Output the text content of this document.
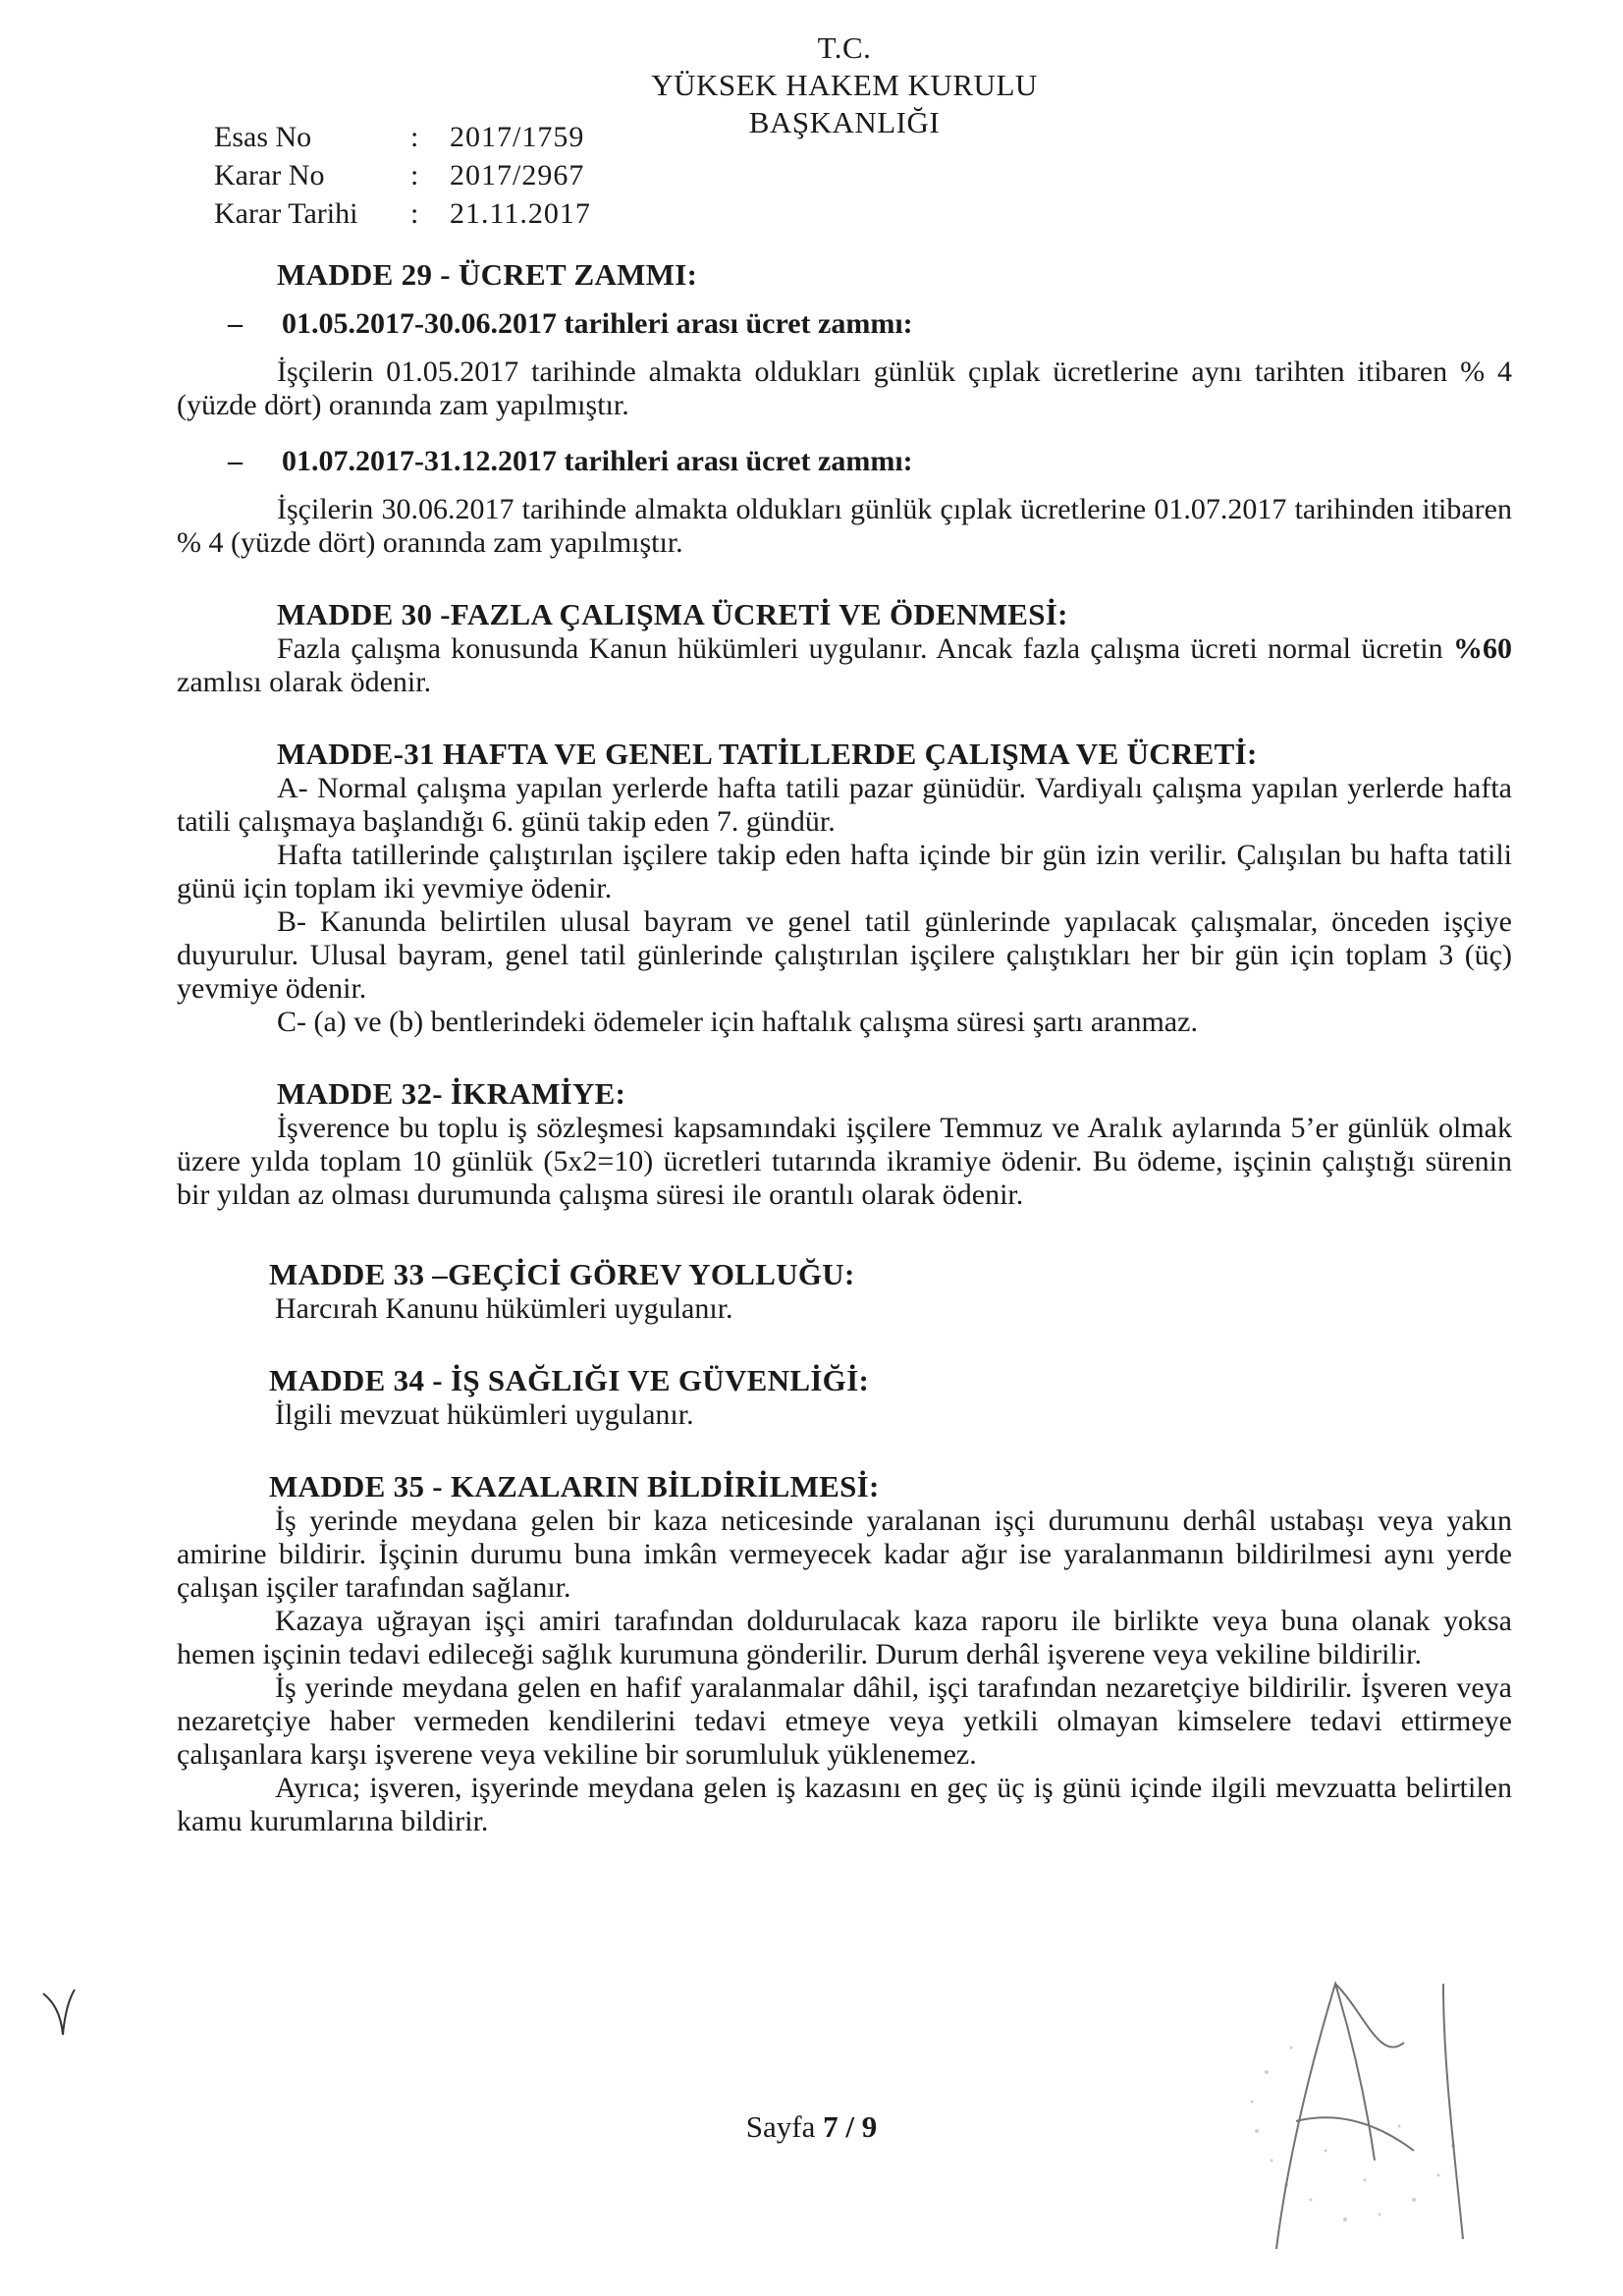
T.C.
YÜKSEK HAKEM KURULU
BAŞKANLIĞI
Esas No	:	2017/1759
Karar No	:	2017/2967
Karar Tarihi	:	21.11.2017
MADDE 29 - ÜCRET ZAMMI:
–	01.05.2017-30.06.2017 tarihleri arası ücret zammı:

İşçilerin 01.05.2017 tarihinde almakta oldukları günlük çıplak ücretlerine aynı tarihten itibaren % 4 (yüzde dört) oranında zam yapılmıştır.

–	01.07.2017-31.12.2017 tarihleri arası ücret zammı:

İşçilerin 30.06.2017 tarihinde almakta oldukları günlük çıplak ücretlerine 01.07.2017 tarihinden itibaren % 4 (yüzde dört) oranında zam yapılmıştır.

MADDE 30 -FAZLA ÇALIŞMA ÜCRETİ VE ÖDENMESİ:

Fazla çalışma konusunda Kanun hükümleri uygulanır. Ancak fazla çalışma ücreti normal ücretin %60 zamlısı olarak ödenir.

MADDE-31 HAFTA VE GENEL TATİLLERDE ÇALIŞMA VE ÜCRETİ:

A- Normal çalışma yapılan yerlerde hafta tatili pazar günüdür. Vardiyalı çalışma yapılan yerlerde hafta tatili çalışmaya başlandığı 6. günü takip eden 7. gündür.

Hafta tatillerinde çalıştırılan işçilere takip eden hafta içinde bir gün izin verilir. Çalışılan bu hafta tatili günü için toplam iki yevmiye ödenir.

B- Kanunda belirtilen ulusal bayram ve genel tatil günlerinde yapılacak çalışmalar, önceden işçiye duyurulur. Ulusal bayram, genel tatil günlerinde çalıştırılan işçilere çalıştıkları her bir gün için toplam 3 (üç) yevmiye ödenir.

C- (a) ve (b) bentlerindeki ödemeler için haftalık çalışma süresi şartı aranmaz.

MADDE 32- İKRAMİYE:

İşverence bu toplu iş sözleşmesi kapsamındaki işçilere Temmuz ve Aralık aylarında 5’er günlük olmak üzere yılda toplam 10 günlük (5x2=10) ücretleri tutarında ikramiye ödenir. Bu ödeme, işçinin çalıştığı sürenin bir yıldan az olması durumunda çalışma süresi ile orantılı olarak ödenir.

MADDE 33 –GEÇİCİ GÖREV YOLLUĞU:

Harcırah Kanunu hükümleri uygulanır.

MADDE 34 - İŞ SAĞLIĞI VE GÜVENLİĞİ:

İlgili mevzuat hükümleri uygulanır.

MADDE 35 - KAZALARIN BİLDİRİLMESİ:

İş yerinde meydana gelen bir kaza neticesinde yaralanan işçi durumunu derhâl ustabaşı veya yakın amirine bildirir. İşçinin durumu buna imkân vermeyecek kadar ağır ise yaralanmanın bildirilmesi aynı yerde çalışan işçiler tarafından sağlanır.

Kazaya uğrayan işçi amiri tarafından doldurulacak kaza raporu ile birlikte veya buna olanak yoksa hemen işçinin tedavi edileceği sağlık kurumuna gönderilir. Durum derhâl işverene veya vekiline bildirilir.

İş yerinde meydana gelen en hafif yaralanmalar dâhil, işçi tarafından nezaretçiye bildirilir. İşveren veya nezaretçiye haber vermeden kendilerini tedavi etmeye veya yetkili olmayan kimselere tedavi ettirmeye çalışanlara karşı işverene veya vekiline bir sorumluluk yüklenemez.

Ayrıca; işveren, işyerinde meydana gelen iş kazasını en geç üç iş günü içinde ilgili mevzuatta belirtilen kamu kurumlarına bildirir.

Sayfa 7 / 9
